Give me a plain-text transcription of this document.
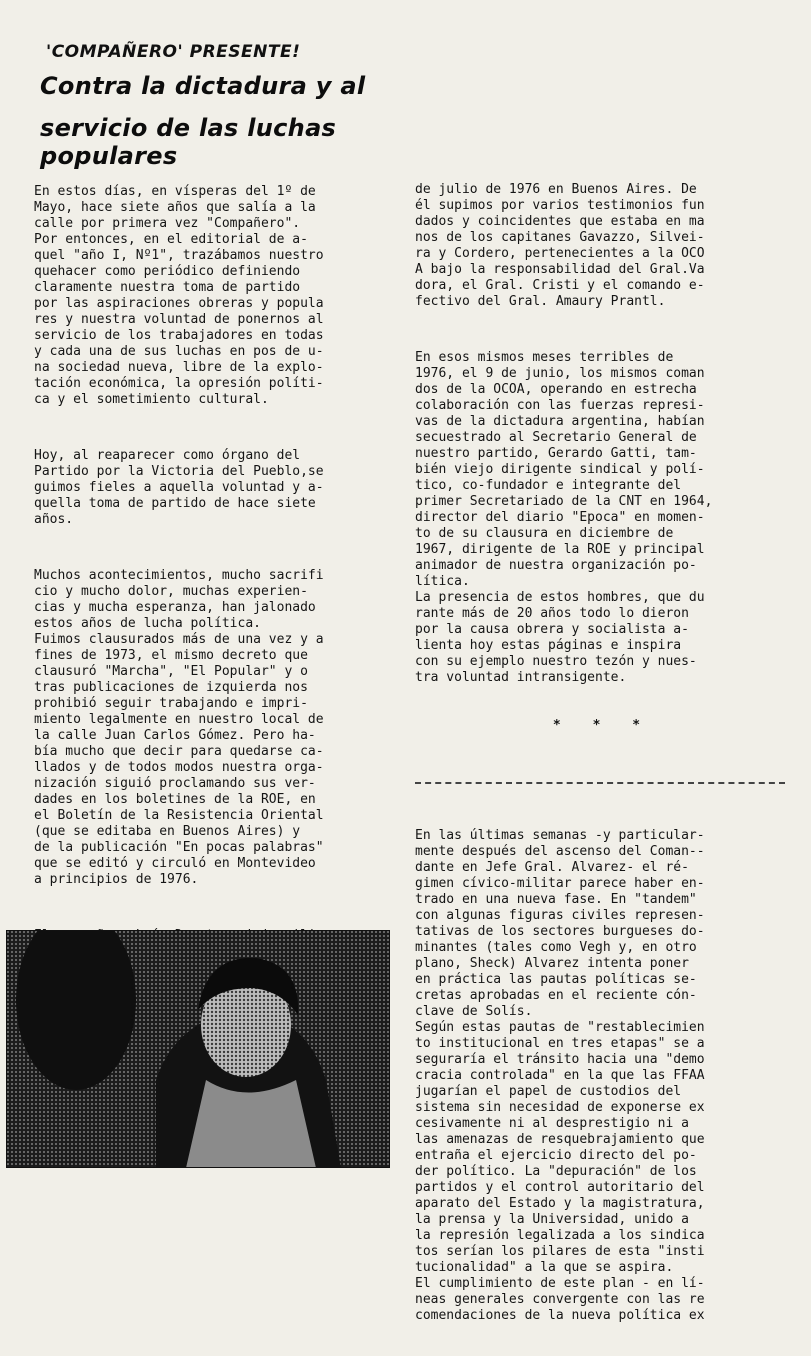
'COMPAÑERO' PRESENTE!
Contra la dictadura y al
servicio de las luchas populares

En estos días, en vísperas del 1º de
Mayo, hace siete años que salía a la
calle por primera vez "Compañero".
Por entonces, en el editorial de a-
quel "año I, Nº1", trazábamos nuestro
quehacer como periódico definiendo
claramente nuestra toma de partido
por las aspiraciones obreras y popula
res y nuestra voluntad de ponernos al
servicio de los trabajadores en todas
y cada una de sus luchas en pos de u-
na sociedad nueva, libre de la explo-
tación económica, la opresión políti-
ca y el sometimiento cultural.

Hoy, al reaparecer como órgano del
Partido por la Victoria del Pueblo,se
guimos fieles a aquella voluntad y a-
quella toma de partido de hace siete
años.

Muchos acontecimientos, mucho sacrifi
cio y mucho dolor, muchas experien-
cias y mucha esperanza, han jalonado
estos años de lucha política.
Fuimos clausurados más de una vez y a
fines de 1973, el mismo decreto que
clausuró "Marcha", "El Popular" y o
tras publicaciones de izquierda nos
prohibió seguir trabajando e impri-
miento legalmente en nuestro local de
la calle Juan Carlos Gómez. Pero ha-
bía mucho que decir para quedarse ca-
llados y de todos modos nuestra orga-
nización siguió proclamando sus ver-
dades en los boletines de la ROE, en
el Boletín de la Resistencia Oriental
(que se editaba en Buenos Aires) y
de la publicación "En pocas palabras"
que se editó y circuló en Montevideo
a principios de 1976.

de julio de 1976 en Buenos Aires. De
él supimos por varios testimonios fun
dados y coincidentes que estaba en ma
nos de los capitanes Gavazzo, Silvei-
ra y Cordero, pertenecientes a la OCO
A bajo la responsabilidad del Gral.Va
dora, el Gral. Cristi y el comando e-
fectivo del Gral. Amaury Prantl.

En esos mismos meses terribles de
1976, el 9 de junio, los mismos coman
dos de la OCOA, operando en estrecha
colaboración con las fuerzas represi-
vas de la dictadura argentina, habían
secuestrado al Secretario General de
nuestro partido, Gerardo Gatti, tam-
bién viejo dirigente sindical y polí-
tico, co-fundador e integrante del
primer Secretariado de la CNT en 1964,
director del diario "Epoca" en momen-
to de su clausura en diciembre de
1967, dirigente de la ROE y principal
animador de nuestra organización po-
lítica.
La presencia de estos hombres, que du
rante más de 20 años todo lo dieron
por la causa obrera y socialista a-
lienta hoy estas páginas e inspira
con su ejemplo nuestro tezón y nues-
tra voluntad intransigente.

* * *

En las últimas semanas -y particular-
mente después del ascenso del Coman--
dante en Jefe Gral. Alvarez- el ré-
gimen cívico-militar parece haber en-
trado en una nueva fase. En "tandem"
con algunas figuras civiles represen-
tativas de los sectores burgueses do-
minantes (tales como Vegh y, en otro
plano, Sheck) Alvarez intenta poner
en práctica las pautas políticas se-
cretas aprobadas en el reciente cón-
clave de Solís.
Según estas pautas de "restablecimien
to institucional en tres etapas" se a
seguraría el tránsito hacia una "demo
cracia controlada" en la que las FFAA
jugarían el papel de custodios del
sistema sin necesidad de exponerse ex
cesivamente ni al desprestigio ni a
las amenazas de resquebrajamiento que
entraña el ejercicio directo del po-
der político. La "depuración" de los
partidos y el control autoritario del
aparato del Estado y la magistratura,
la prensa y la Universidad, unido a
la represión legalizada a los sindica
tos serían los pilares de esta "insti
tucionalidad" a la que se aspira.
El cumplimiento de este plan - en lí-
neas generales convergente con las re
comendaciones de la nueva política ex
